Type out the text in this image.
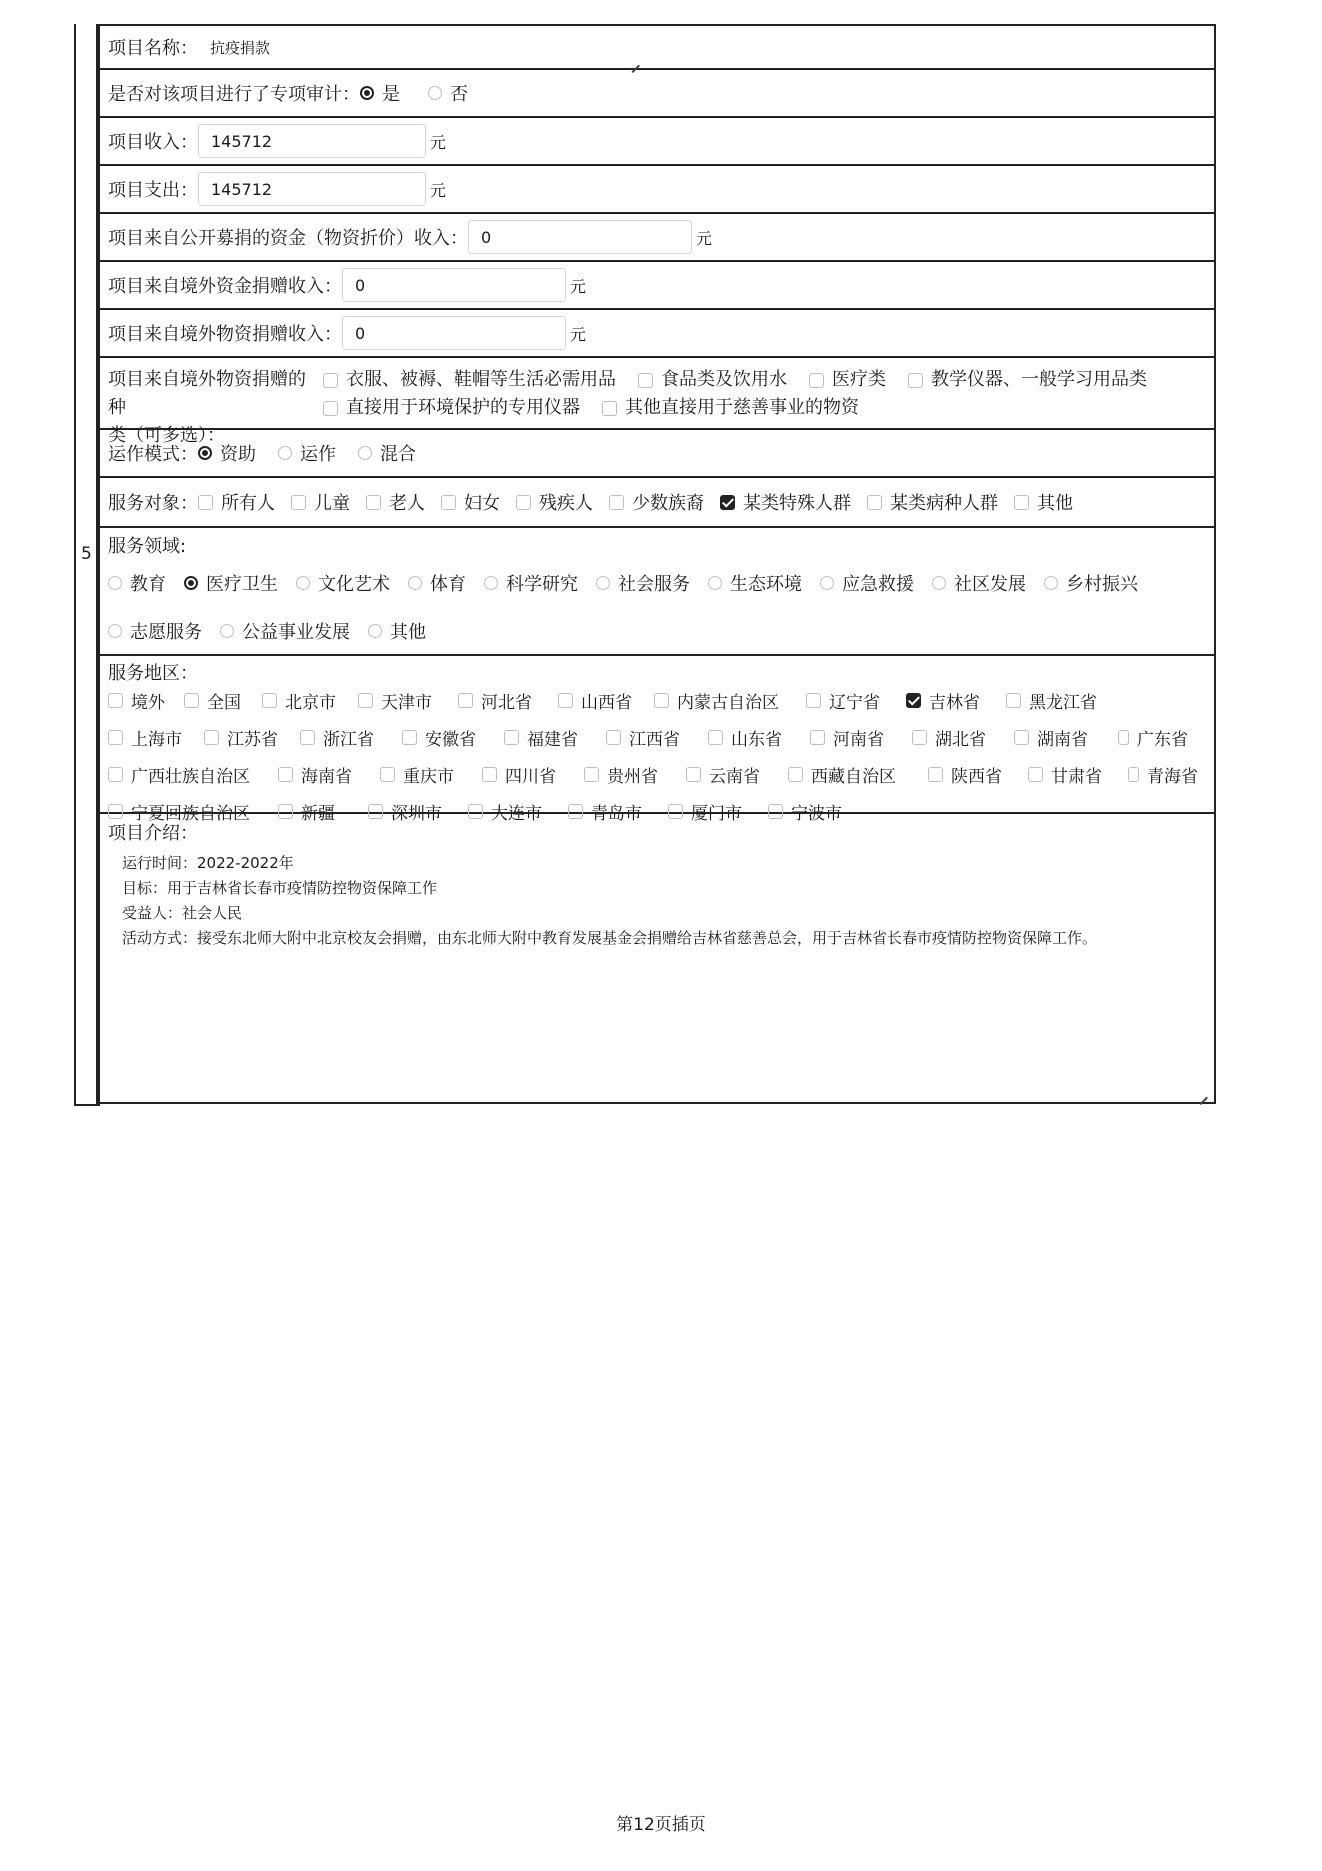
5
项目名称： 抗疫捐款
是否对该项目进行了专项审计： 是	否
项目收入： 145712	元
项目支出： 145712	元
项目来自公开募捐的资金（物资折价）收入： 0	元
项目来自境外资金捐赠收入： 0	元
项目来自境外物资捐赠收入： 0	元
项目来自境外物资捐赠的种
类（可多选）：
衣服、被褥、鞋帽等生活必需用品	食品类及饮用水	医疗类	教学仪器、一般学习用品类
直接用于环境保护的专用仪器	其他直接用于慈善事业的物资
运作模式： 资助 运作 混合
服务对象： 所有人 儿童 老人 妇女 残疾人 少数族裔 某类特殊人群 某类病种人群 其他
服务领域:
教育 医疗卫生 文化艺术 体育 科学研究 社会服务 生态环境 应急救援 社区发展 乡村振兴
志愿服务 公益事业发展 其他
服务地区：
境外 全国	北京市	天津市	河北省	山西省	内蒙古自治区	辽宁省	吉林省	黑龙江省
上海市	江苏省	浙江省	安徽省	福建省	江西省	山东省	河南省	湖北省	湖南省	广东省
广西壮族自治区	海南省	重庆市	四川省	贵州省	云南省	西藏自治区	陕西省	甘肃省	青海省
宁夏回族自治区	新疆	深圳市	大连市	青岛市	厦门市	宁波市
项目介绍：
运行时间：2022-2022年
目标：用于吉林省长春市疫情防控物资保障工作
受益人：社会人民
活动方式：接受东北师大附中北京校友会捐赠，由东北师大附中教育发展基金会捐赠给吉林省慈善总会，用于吉林省长春市疫情防控物资保障工作。
第12页插页
